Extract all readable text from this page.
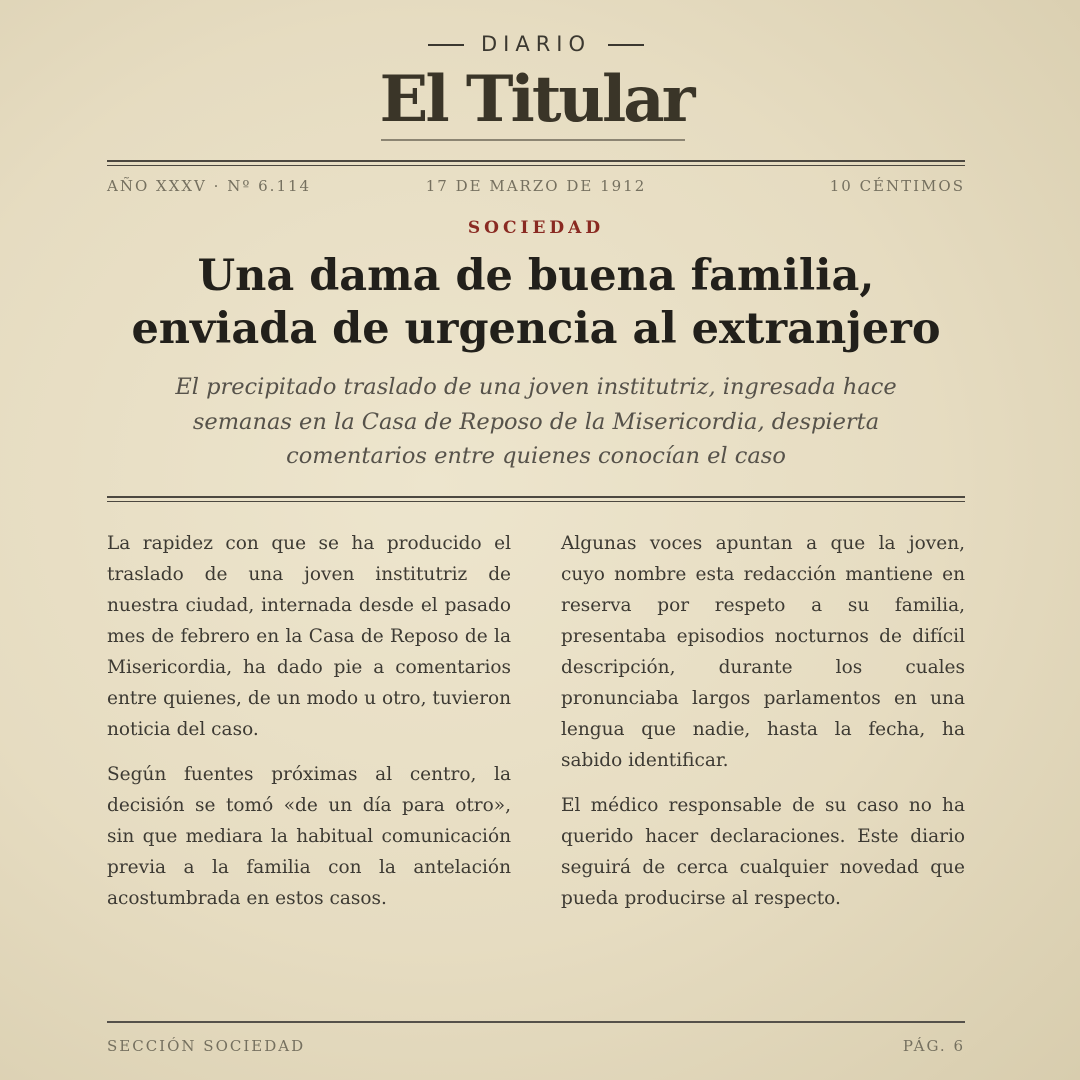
DIARIO
El Titular
AÑO XXXV · Nº 6.114	17 DE MARZO DE 1912	10 CÉNTIMOS
SOCIEDAD
Una dama de buena familia,
enviada de urgencia al extranjero

El precipitado traslado de una joven institutriz, ingresada hace semanas en la Casa de Reposo de la Misericordia, despierta comentarios entre quienes conocían el caso

La rapidez con que se ha producido el traslado de una joven institutriz de nuestra ciudad, internada desde el pasado mes de febrero en la Casa de Reposo de la Misericordia, ha dado pie a comentarios entre quienes, de un modo u otro, tuvieron noticia del caso.

Según fuentes próximas al centro, la decisión se tomó «de un día para otro», sin que mediara la habitual comunicación previa a la familia con la antelación acostumbrada en estos casos.

Algunas voces apuntan a que la joven, cuyo nombre esta redacción mantiene en reserva por respeto a su familia, presentaba episodios nocturnos de difícil descripción, durante los cuales pronunciaba largos parlamentos en una lengua que nadie, hasta la fecha, ha sabido identificar.

El médico responsable de su caso no ha querido hacer declaraciones. Este diario seguirá de cerca cualquier novedad que pueda producirse al respecto.

SECCIÓN SOCIEDAD	PÁG. 6
